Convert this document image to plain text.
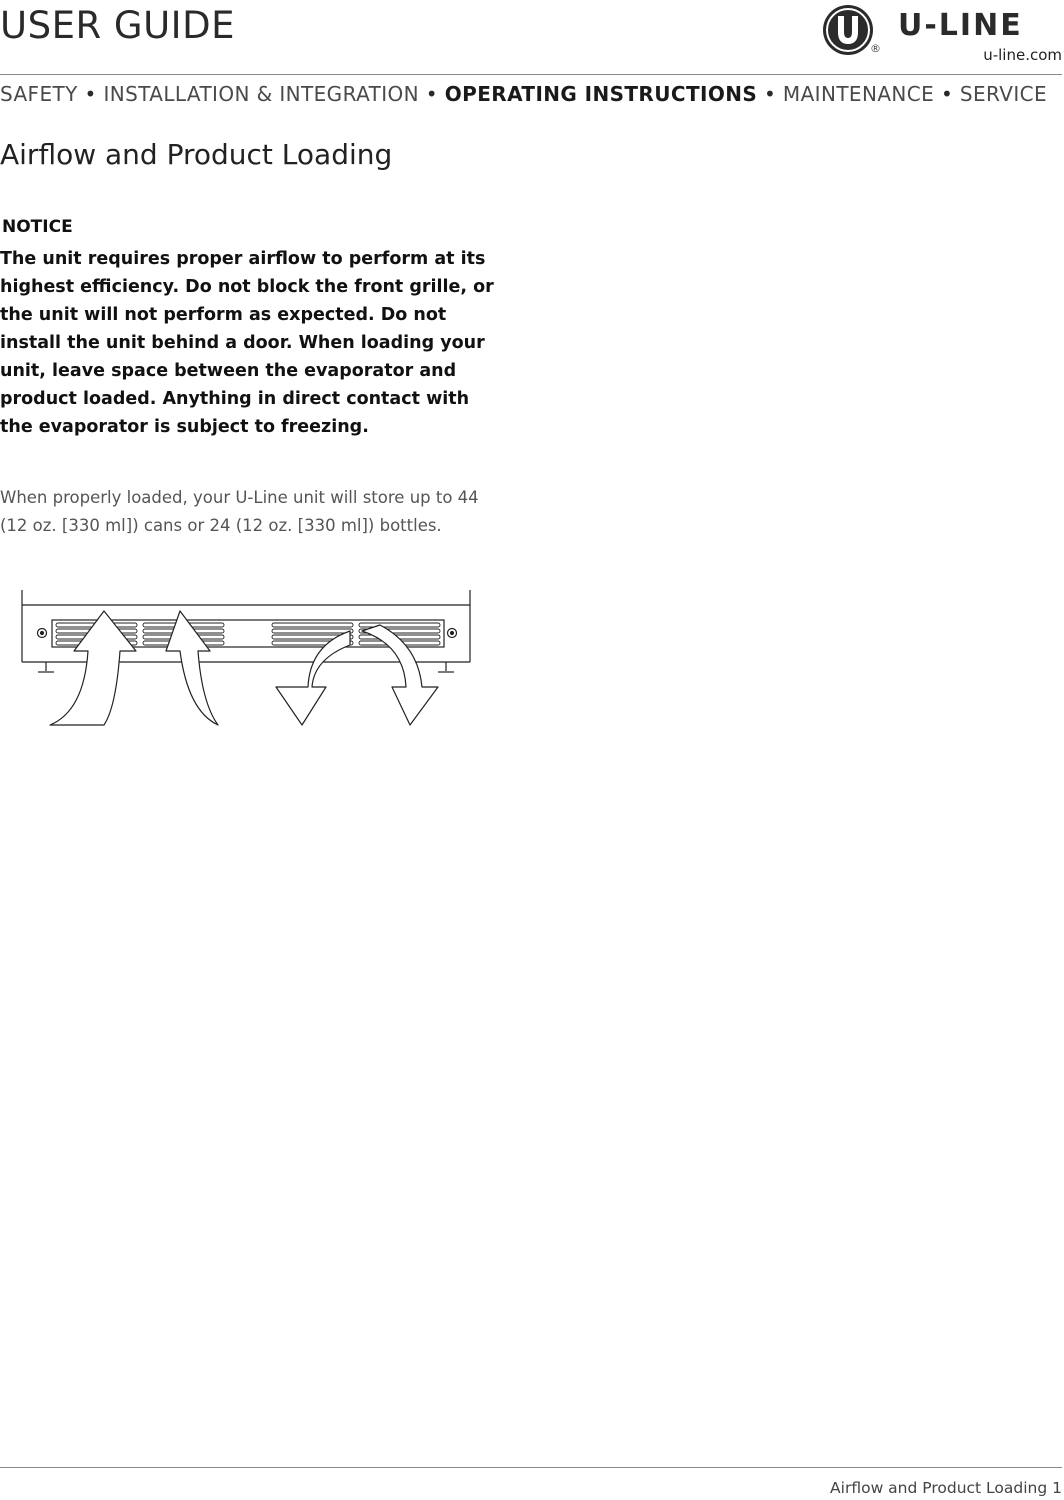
USER GUIDE
®
U-LINE
u-line.com
SAFETY • INSTALLATION & INTEGRATION • OPERATING INSTRUCTIONS • MAINTENANCE • SERVICE
Airflow and Product Loading
NOTICE
The unit requires proper airflow to perform at its highest efficiency. Do not block the front grille, or the unit will not perform as expected. Do not install the unit behind a door. When loading your unit, leave space between the evaporator and product loaded. Anything in direct contact with the evaporator is subject to freezing.
When properly loaded, your U-Line unit will store up to 44 (12 oz. [330 ml]) cans or 24 (12 oz. [330 ml]) bottles.
Airflow and Product Loading 1
